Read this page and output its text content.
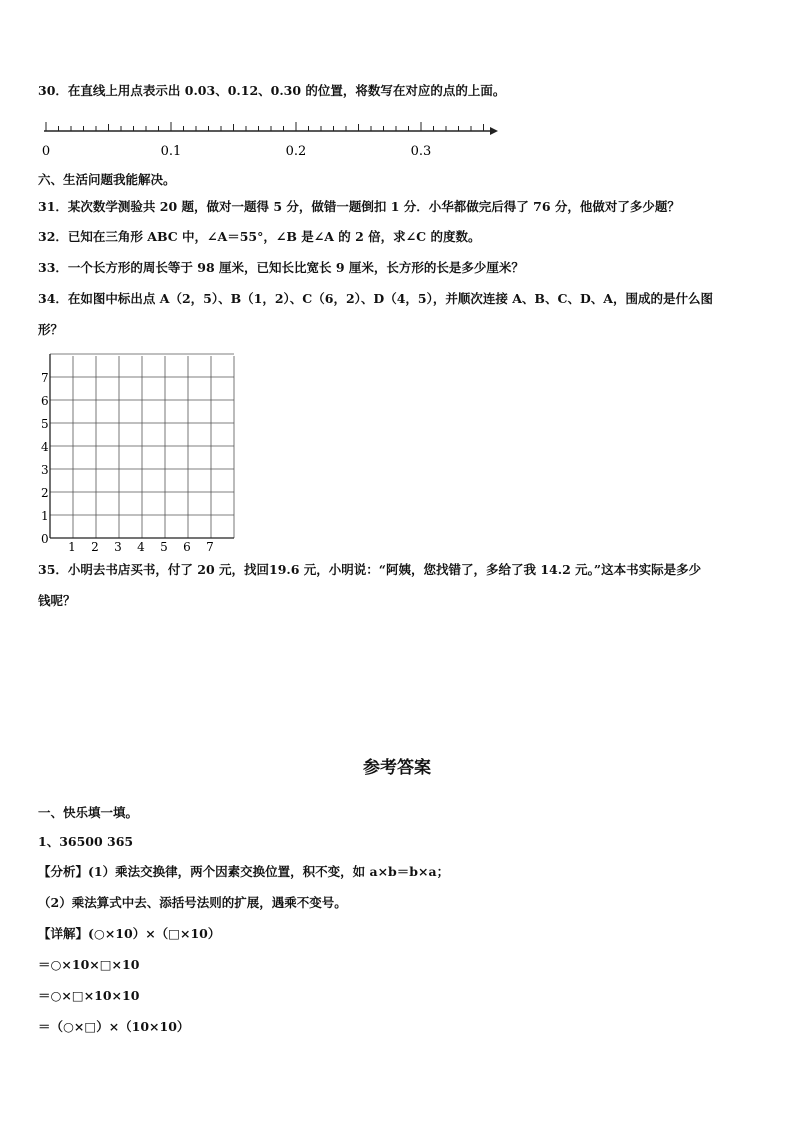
30．在直线上用点表示出 0.03、0.12、0.30 的位置，将数写在对应的点的上面。
0	0.1	0.2	0.3
六、生活问题我能解决。
31．某次数学测验共 20 题，做对一题得 5 分，做错一题倒扣 1 分．小华都做完后得了 76 分，他做对了多少题？
32．已知在三角形 ABC 中，∠A＝55°，∠B 是∠A 的 2 倍，求∠C 的度数。
33．一个长方形的周长等于 98 厘米，已知长比宽长 9 厘米，长方形的长是多少厘米？
34．在如图中标出点 A（2，5）、B（1，2）、C（6，2）、D（4，5），并顺次连接 A、B、C、D、A，围成的是什么图
形？
7
6
5
4
3
2
1
0
1 2 3 4 5 6 7
35．小明去书店买书，付了 20 元，找回19.6 元，小明说：“阿姨，您找错了，多给了我 14.2 元。”这本书实际是多少
钱呢？
参考答案
一、快乐填一填。
1、36500 365
【分析】(1）乘法交换律，两个因素交换位置，积不变，如 a×b＝b×a；
（2）乘法算式中去、添括号法则的扩展，遇乘不变号。
【详解】(○×10）×（□×10）
＝○×10×□×10
＝○×□×10×10
＝（○×□）×（10×10）
